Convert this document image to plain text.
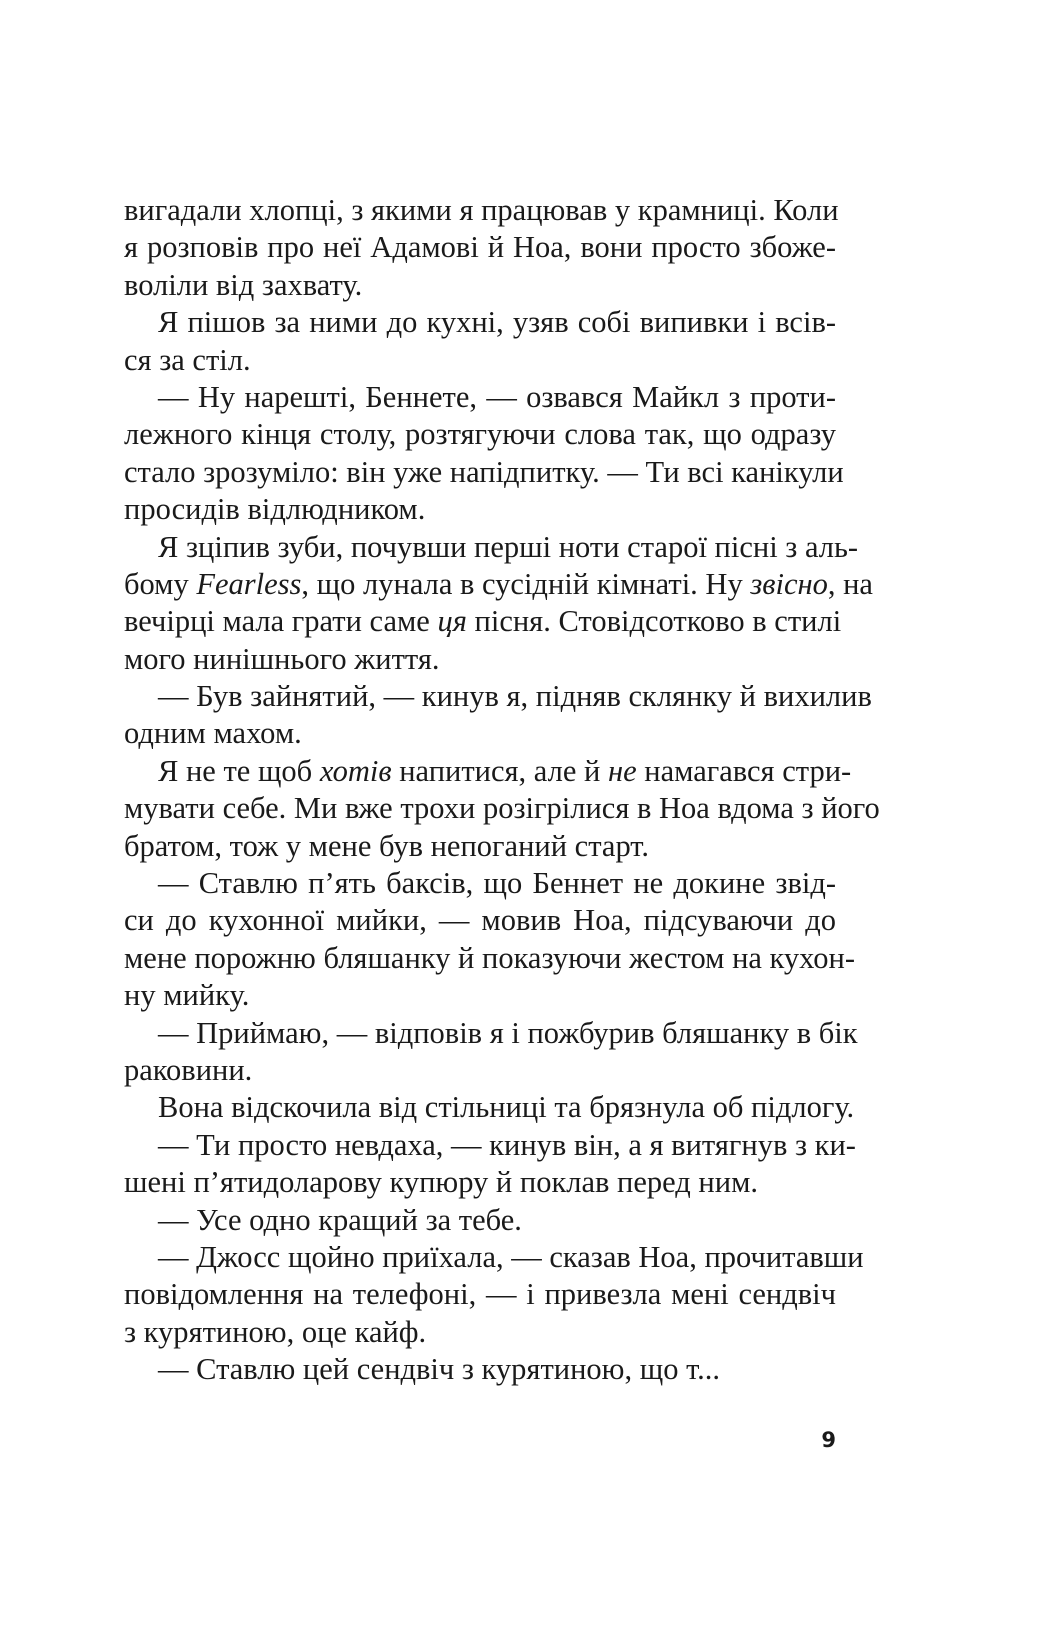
вигадали хлопці, з якими я працював у крамниці. Коли
я розповів про неї Адамові й Ноа, вони просто збоже-
воліли від захвату.
Я пішов за ними до кухні, узяв собі випивки і всів-
ся за стіл.
— Ну нарешті, Беннете, — озвався Майкл з проти-
лежного кінця столу, розтягуючи слова так, що одразу
стало зрозуміло: він уже напідпитку. — Ти всі канікули
просидів відлюдником.
Я зціпив зуби, почувши перші ноти старої пісні з аль-
бому Fearless, що лунала в сусідній кімнаті. Ну звісно, на
вечірці мала грати саме ця пісня. Стовідсотково в стилі
мого нинішнього життя.
— Був зайнятий, — кинув я, підняв склянку й вихилив
одним махом.
Я не те щоб хотів напитися, але й не намагався стри-
мувати себе. Ми вже трохи розігрілися в Ноа вдома з його
братом, тож у мене був непоганий старт.
— Ставлю п’ять баксів, що Беннет не докине звід-
си до кухонної мийки, — мовив Ноа, підсуваючи до
мене порожню бляшанку й показуючи жестом на кухон-
ну мийку.
— Приймаю, — відповів я і пожбурив бляшанку в бік
раковини.
Вона відскочила від стільниці та брязнула об підлогу.
— Ти просто невдаха, — кинув він, а я витягнув з ки-
шені п’ятидоларову купюру й поклав перед ним.
— Усе одно кращий за тебе.
— Джосс щойно приїхала, — сказав Ноа, прочитавши
повідомлення на телефоні, — і привезла мені сендвіч
з курятиною, оце кайф.
— Ставлю цей сендвіч з курятиною, що т...
9
